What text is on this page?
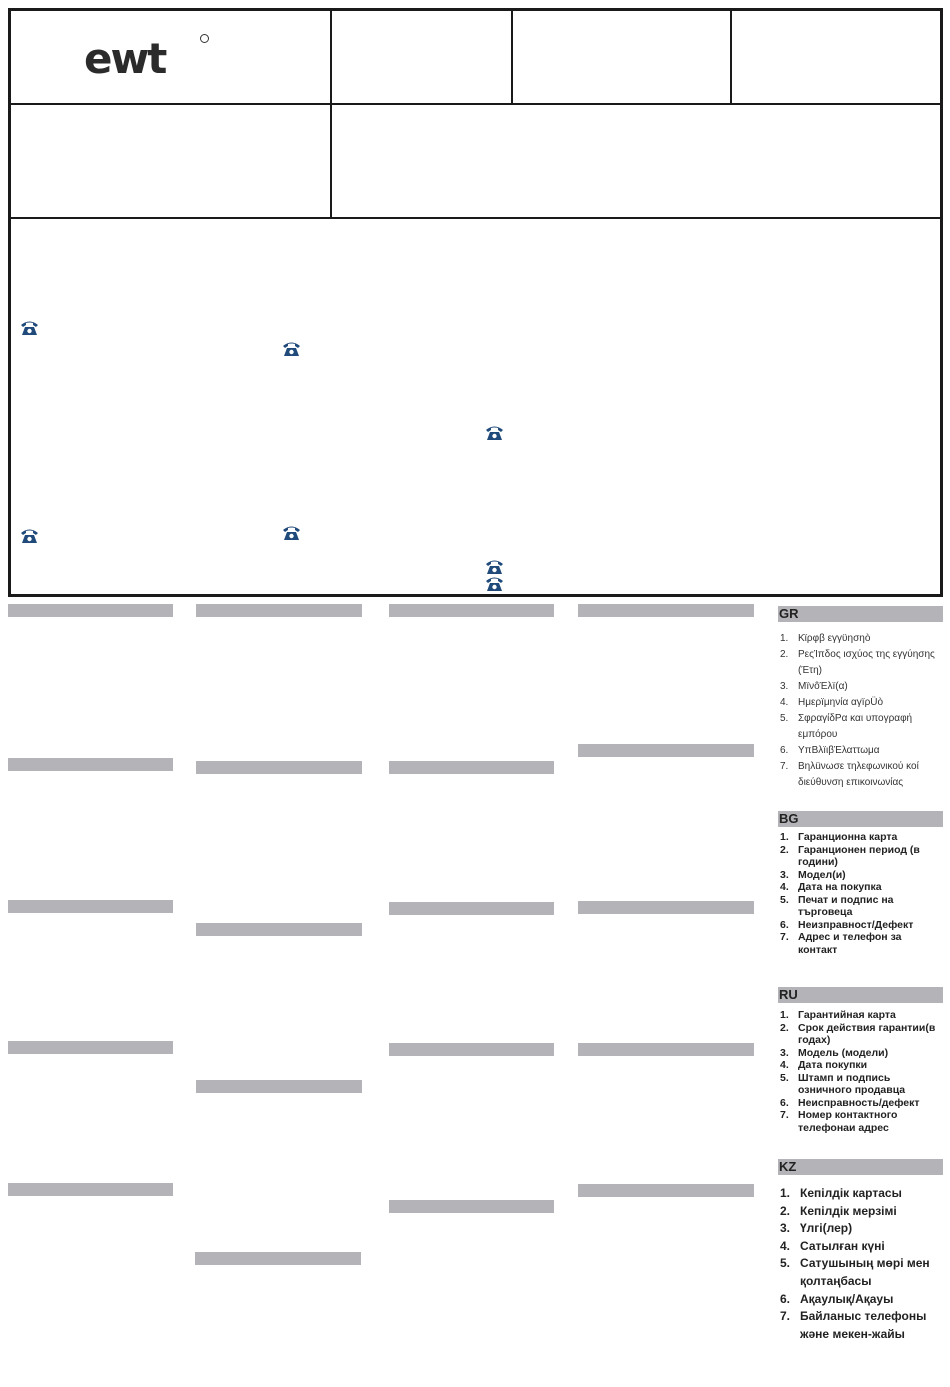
ewt
GR
1. Κϊρφβ εγγϋησηò
2. ΡεςΊπδος ισχύος της εγγύησης (Έτη)
3. ΜïνôΈλï(α)
4. Ημερïμηνία αγïρÜò
5. ΣφραγίδΡα και υπογραφή εμπόρου
6. ΥπΒλïιβΈλαττωμα
7. Βηλüνωσε τηλεφωνικού κοί διεύθυνση επικοινωνίας
BG
1. Гаранционна карта
2. Гаранционен период (в години)
3. Модел(и)
4. Дата на покупка
5. Печат и подпис на търговеца
6. Неизправност/Дефект
7. Адрес и телефон за контакт
RU
1. Гарантийная карта
2. Срок действия гарантии(в годах)
3. Модель (модели)
4. Дата покупки
5. Штамп и подпись озничного продавца
6. Неисправность/дефект
7. Номер контактного телефонаи адрес
KZ
1. Кепілдік картасы
2. Кепілдік мерзімі
3. Үлгі(лер)
4. Сатылған күні
5. Сатушының мөрі мен қолтаңбасы
6. Ақаулық/Ақауы
7. Байланыс телефоны және мекен-жайы
